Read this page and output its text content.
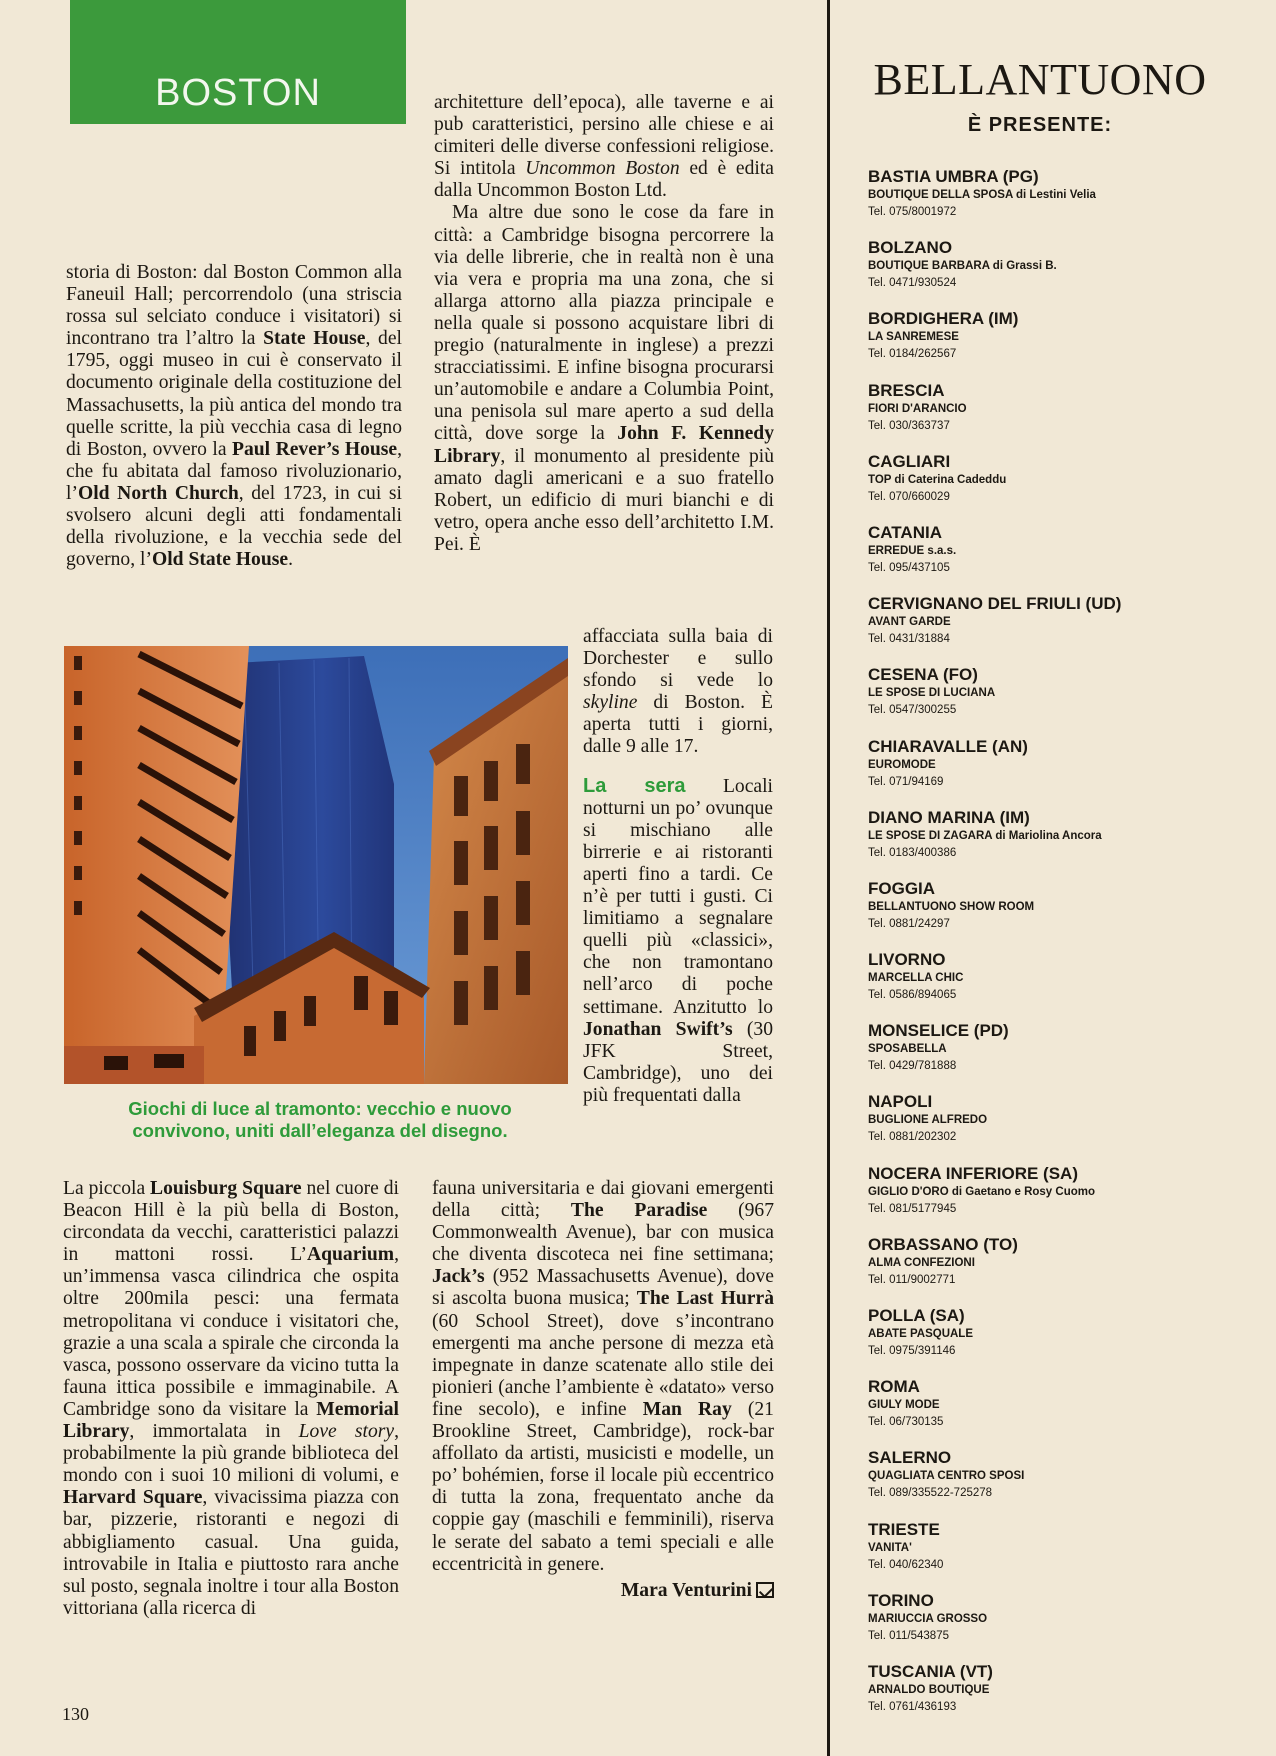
BOSTON

storia di Boston: dal Boston Common alla Faneuil Hall; percorrendolo (una striscia rossa sul selciato conduce i visitatori) si incontrano tra l’altro la State House, del 1795, oggi museo in cui è conservato il documento originale della costituzione del Massachusetts, la più antica del mondo tra quelle scritte, la più vecchia casa di legno di Boston, ovvero la Paul Rever’s House, che fu abitata dal famoso rivoluzionario, l’Old North Church, del 1723, in cui si svolsero alcuni degli atti fondamentali della rivoluzione, e la vecchia sede del governo, l’Old State House.

architetture dell’epoca), alle taverne e ai pub caratteristici, persino alle chiese e ai cimiteri delle diverse confessioni religiose. Si intitola Uncommon Boston ed è edita dalla Uncommon Boston Ltd.

Ma altre due sono le cose da fare in città: a Cambridge bisogna percorrere la via delle librerie, che in realtà non è una via vera e propria ma una zona, che si allarga attorno alla piazza principale e nella quale si possono acquistare libri di pregio (naturalmente in inglese) a prezzi stracciatissimi. E infine bisogna procurarsi un’automobile e andare a Columbia Point, una penisola sul mare aperto a sud della città, dove sorge la John F. Kennedy Library, il monumento al presidente più amato dagli americani e a suo fratello Robert, un edificio di muri bianchi e di vetro, opera anche esso dell’architetto I.M. Pei. È

Giochi di luce al tramonto: vecchio e nuovo convivono, uniti dall’eleganza del disegno.

affacciata sulla baia di Dorchester e sullo sfondo si vede lo skyline di Boston. È aperta tutti i giorni, dalle 9 alle 17.

La sera Locali notturni un po’ ovunque si mischiano alle birrerie e ai ristoranti aperti fino a tardi. Ce n’è per tutti i gusti. Ci limitiamo a segnalare quelli più «classici», che non tramontano nell’arco di poche settimane. Anzitutto lo Jonathan Swift’s (30 JFK Street, Cambridge), uno dei più frequentati dalla

La piccola Louisburg Square nel cuore di Beacon Hill è la più bella di Boston, circondata da vecchi, caratteristici palazzi in mattoni rossi. L’Aquarium, un’immensa vasca cilindrica che ospita oltre 200mila pesci: una fermata metropolitana vi conduce i visitatori che, grazie a una scala a spirale che circonda la vasca, possono osservare da vicino tutta la fauna ittica possibile e immaginabile. A Cambridge sono da visitare la Memorial Library, immortalata in Love story, probabilmente la più grande biblioteca del mondo con i suoi 10 milioni di volumi, e Harvard Square, vivacissima piazza con bar, pizzerie, ristoranti e negozi di abbigliamento casual. Una guida, introvabile in Italia e piuttosto rara anche sul posto, segnala inoltre i tour alla Boston vittoriana (alla ricerca di

fauna universitaria e dai giovani emergenti della città; The Paradise (967 Commonwealth Avenue), bar con musica che diventa discoteca nei fine settimana; Jack’s (952 Massachusetts Avenue), dove si ascolta buona musica; The Last Hurrà (60 School Street), dove s’incontrano emergenti ma anche persone di mezza età impegnate in danze scatenate allo stile dei pionieri (anche l’ambiente è «datato» verso fine secolo), e infine Man Ray (21 Brookline Street, Cambridge), rock-bar affollato da artisti, musicisti e modelle, un po’ bohémien, forse il locale più eccentrico di tutta la zona, frequentato anche da coppie gay (maschili e femminili), riserva le serate del sabato a temi speciali e alle eccentricità in genere.

Mara Venturini
130
BELLANTUONO
È PRESENTE:
BASTIA UMBRA (PG)
BOUTIQUE DELLA SPOSA di Lestini Velia
Tel. 075/8001972
BOLZANO
BOUTIQUE BARBARA di Grassi B.
Tel. 0471/930524
BORDIGHERA (IM)
LA SANREMESE
Tel. 0184/262567
BRESCIA
FIORI D'ARANCIO
Tel. 030/363737
CAGLIARI
TOP di Caterina Cadeddu
Tel. 070/660029
CATANIA
ERREDUE s.a.s.
Tel. 095/437105
CERVIGNANO DEL FRIULI (UD)
AVANT GARDE
Tel. 0431/31884
CESENA (FO)
LE SPOSE DI LUCIANA
Tel. 0547/300255
CHIARAVALLE (AN)
EUROMODE
Tel. 071/94169
DIANO MARINA (IM)
LE SPOSE DI ZAGARA di Mariolina Ancora
Tel. 0183/400386
FOGGIA
BELLANTUONO SHOW ROOM
Tel. 0881/24297
LIVORNO
MARCELLA CHIC
Tel. 0586/894065
MONSELICE (PD)
SPOSABELLA
Tel. 0429/781888
NAPOLI
BUGLIONE ALFREDO
Tel. 0881/202302
NOCERA INFERIORE (SA)
GIGLIO D'ORO di Gaetano e Rosy Cuomo
Tel. 081/5177945
ORBASSANO (TO)
ALMA CONFEZIONI
Tel. 011/9002771
POLLA (SA)
ABATE PASQUALE
Tel. 0975/391146
ROMA
GIULY MODE
Tel. 06/730135
SALERNO
QUAGLIATA CENTRO SPOSI
Tel. 089/335522-725278
TRIESTE
VANITA'
Tel. 040/62340
TORINO
MARIUCCIA GROSSO
Tel. 011/543875
TUSCANIA (VT)
ARNALDO BOUTIQUE
Tel. 0761/436193
